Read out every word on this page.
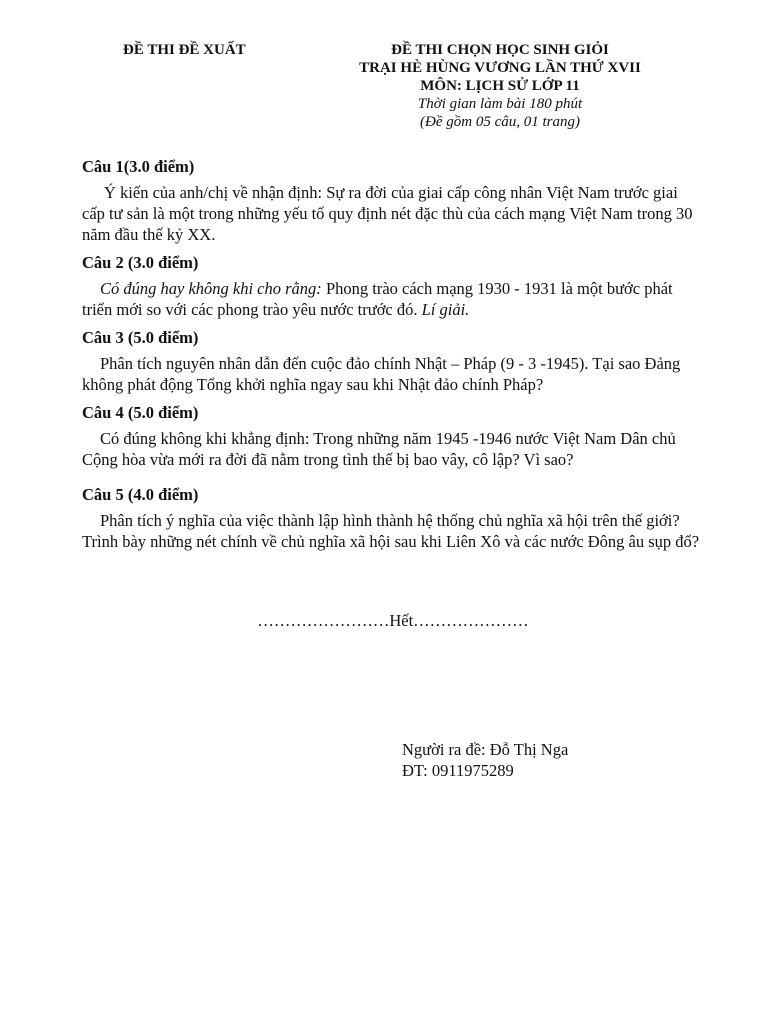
ĐỀ THI ĐỀ XUẤT	ĐỀ THI CHỌN HỌC SINH GIỎI
TRẠI HÈ HÙNG VƯƠNG LẦN THỨ XVII
MÔN: LỊCH SỬ LỚP 11
Thời gian làm bài 180 phút
(Đề gồm 05 câu, 01 trang)

Câu 1(3.0 điểm)

Ý kiến của anh/chị về nhận định: Sự ra đời của giai cấp công nhân Việt Nam trước giai cấp tư sản là một trong những yếu tố quy định nét đặc thù của cách mạng Việt Nam trong 30 năm đầu thế kỷ XX.

Câu 2 (3.0 điểm)

Có đúng hay không khi cho rằng: Phong trào cách mạng 1930 - 1931 là một bước phát triển mới so với các phong trào yêu nước trước đó. Lí giải.

Câu 3 (5.0 điểm)

Phân tích nguyên nhân dẫn đến cuộc đảo chính Nhật – Pháp (9 - 3 -1945). Tại sao Đảng không phát động Tổng khởi nghĩa ngay sau khi Nhật đảo chính Pháp?

Câu 4 (5.0 điểm)

Có đúng không khi khẳng định: Trong những năm 1945 -1946 nước Việt Nam Dân chủ Cộng hòa vừa mới ra đời đã nằm trong tình thế bị bao vây, cô lập? Vì sao?

Câu 5 (4.0 điểm)

Phân tích ý nghĩa của việc thành lập hình thành hệ thống chủ nghĩa xã hội trên thế giới? Trình bày những nét chính về chủ nghĩa xã hội sau khi Liên Xô và các nước Đông âu sụp đổ?

……………………Hết…………………
Người ra đề: Đỗ Thị Nga
ĐT: 0911975289
